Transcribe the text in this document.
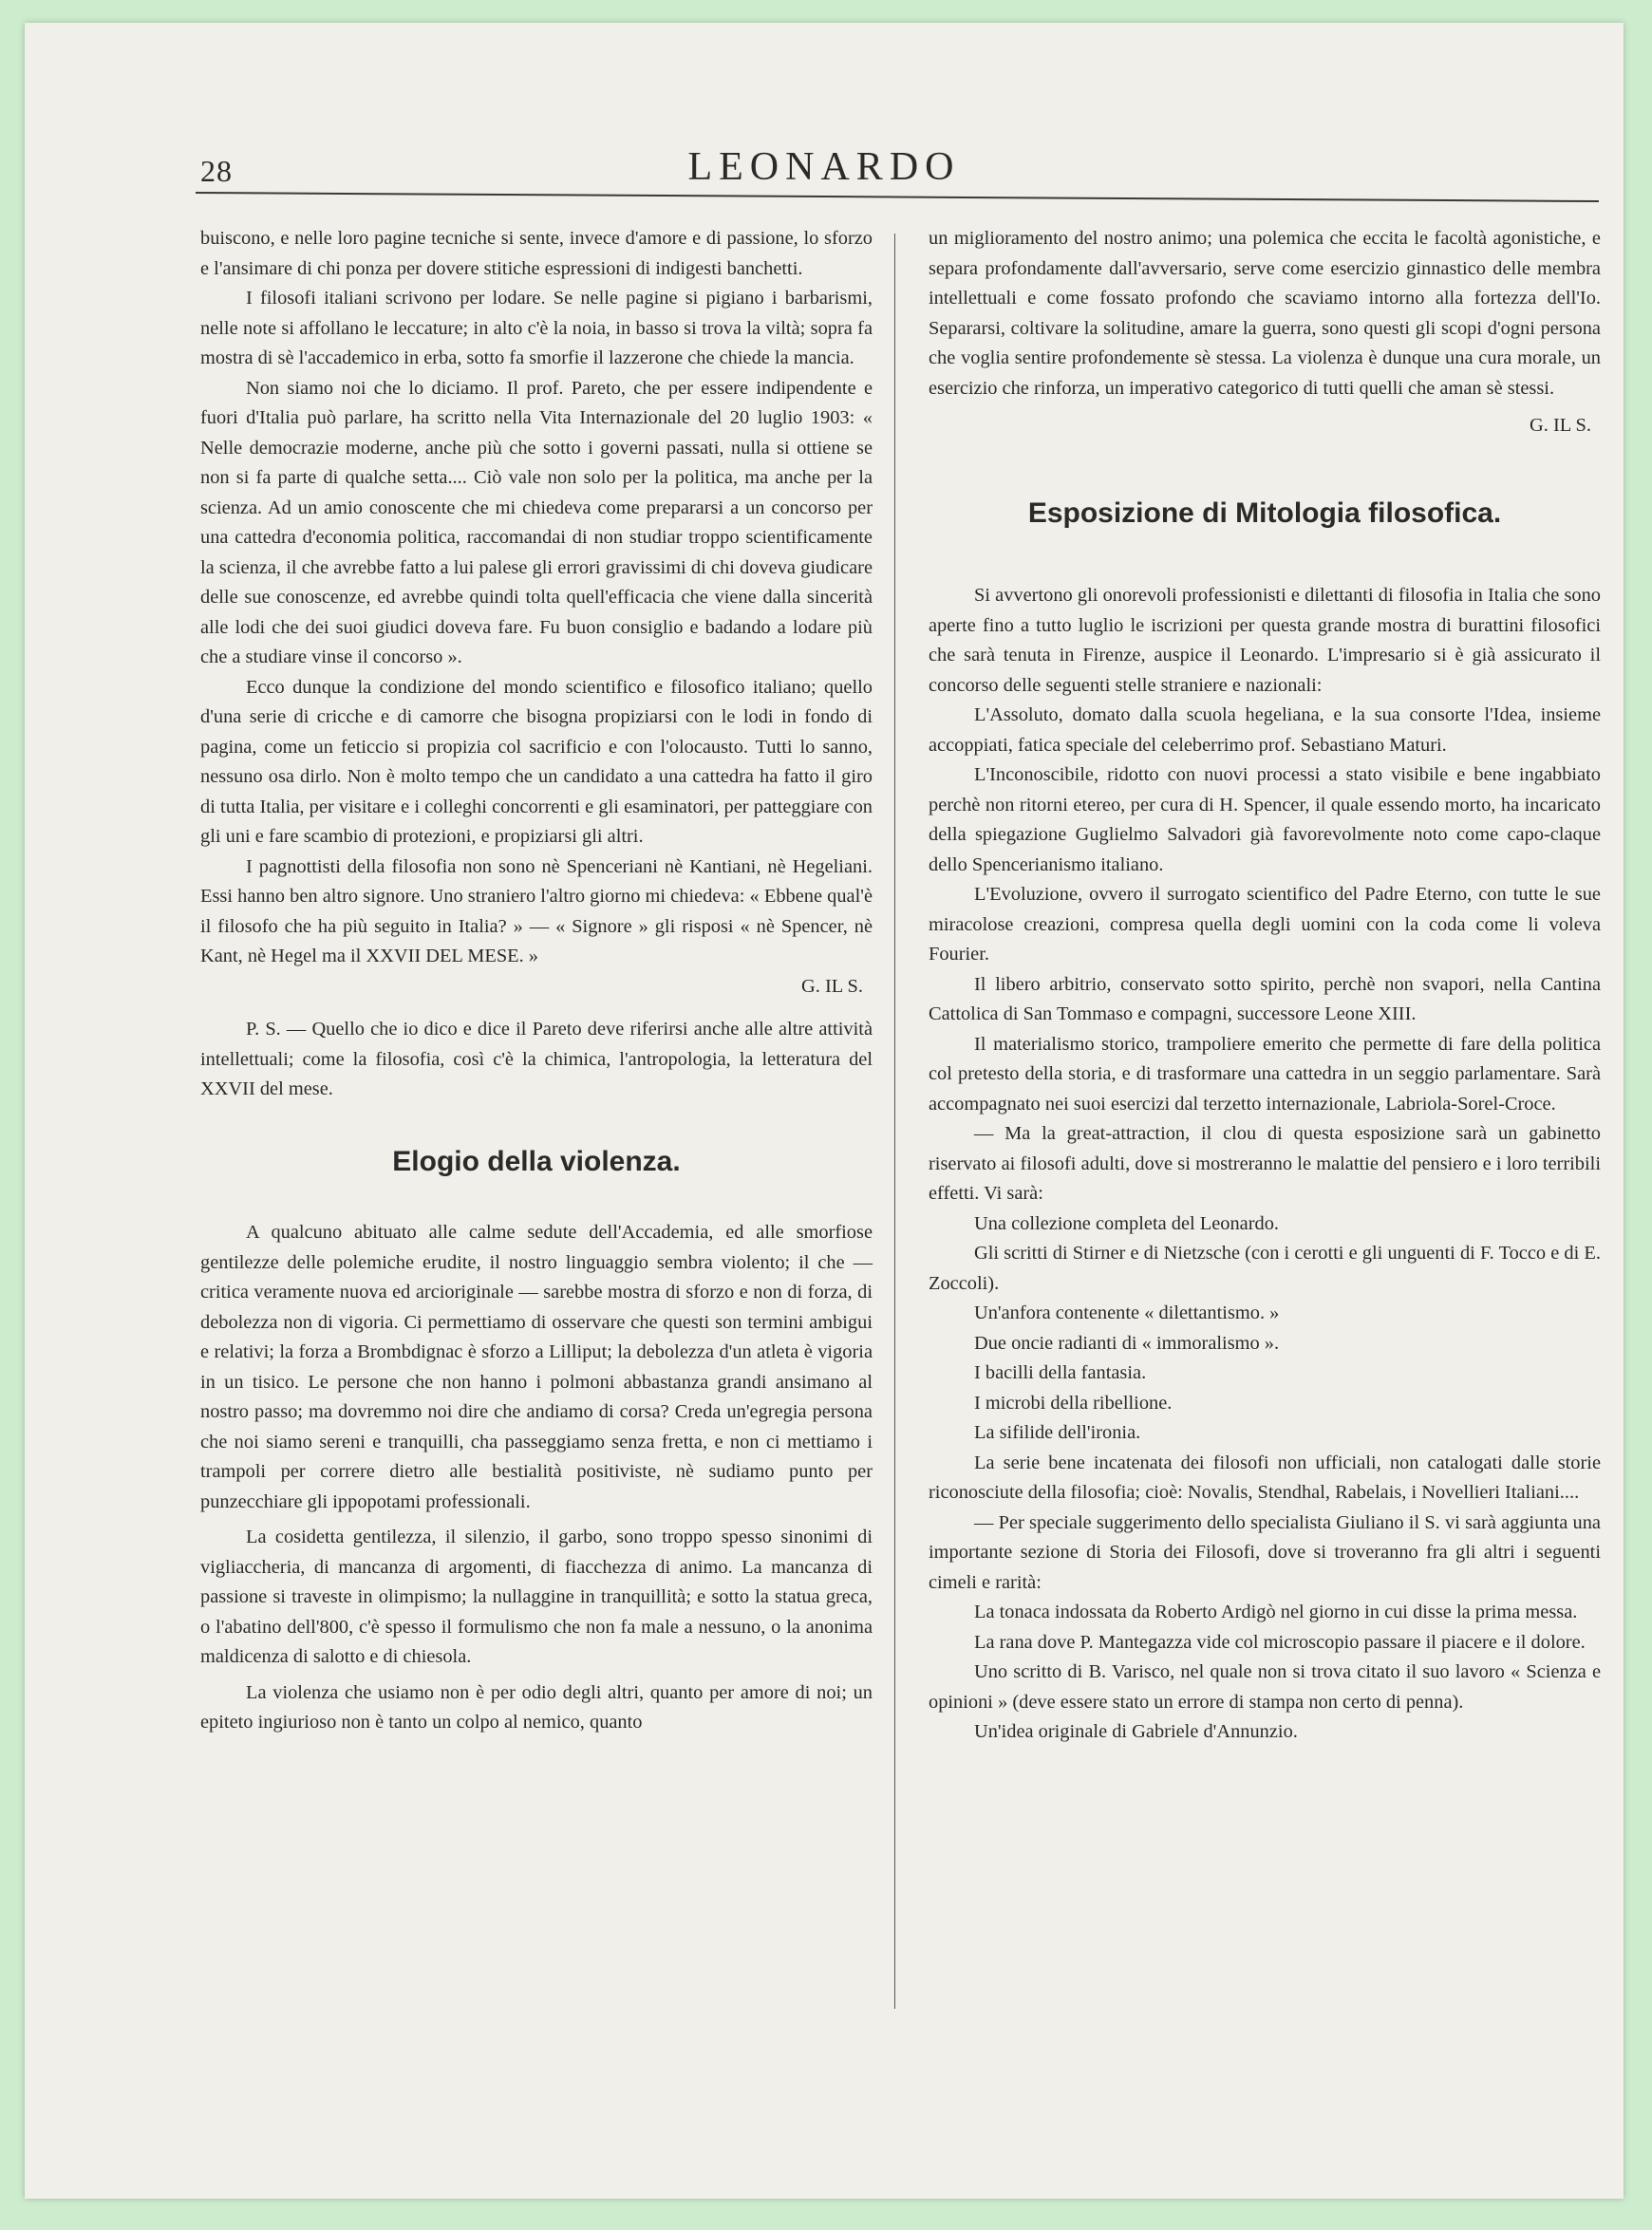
28	LEONARDO

buiscono, e nelle loro pagine tecniche si sente, invece d'amore e di passione, lo sforzo e l'ansimare di chi ponza per dovere stitiche espressioni di indigesti banchetti.

I filosofi italiani scrivono per lodare. Se nelle pagine si pigiano i barbarismi, nelle note si affollano le leccature; in alto c'è la noia, in basso si trova la viltà; sopra fa mostra di sè l'accademico in erba, sotto fa smorfie il lazzerone che chiede la mancia.

Non siamo noi che lo diciamo. Il prof. Pareto, che per essere indipendente e fuori d'Italia può parlare, ha scritto nella Vita Internazionale del 20 luglio 1903: « Nelle democrazie moderne, anche più che sotto i governi passati, nulla si ottiene se non si fa parte di qualche setta.... Ciò vale non solo per la politica, ma anche per la scienza. Ad un amio conoscente che mi chiedeva come prepararsi a un concorso per una cattedra d'economia politica, raccomandai di non studiar troppo scientificamente la scienza, il che avrebbe fatto a lui palese gli errori gravissimi di chi doveva giudicare delle sue conoscenze, ed avrebbe quindi tolta quell'efficacia che viene dalla sincerità alle lodi che dei suoi giudici doveva fare. Fu buon consiglio e badando a lodare più che a studiare vinse il concorso ».

Ecco dunque la condizione del mondo scientifico e filosofico italiano; quello d'una serie di cricche e di camorre che bisogna propiziarsi con le lodi in fondo di pagina, come un feticcio si propizia col sacrificio e con l'olocausto. Tutti lo sanno, nessuno osa dirlo. Non è molto tempo che un candidato a una cattedra ha fatto il giro di tutta Italia, per visitare e i colleghi concorrenti e gli esaminatori, per patteggiare con gli uni e fare scambio di protezioni, e propiziarsi gli altri.

I pagnottisti della filosofia non sono nè Spenceriani nè Kantiani, nè Hegeliani. Essi hanno ben altro signore. Uno straniero l'altro giorno mi chiedeva: « Ebbene qual'è il filosofo che ha più seguito in Italia? » — « Signore » gli risposi « nè Spencer, nè Kant, nè Hegel ma il XXVII DEL MESE. »

G. IL S.

P. S. — Quello che io dico e dice il Pareto deve riferirsi anche alle altre attività intellettuali; come la filosofia, così c'è la chimica, l'antropologia, la letteratura del XXVII del mese.

Elogio della violenza.

A qualcuno abituato alle calme sedute dell'Accademia, ed alle smorfiose gentilezze delle polemiche erudite, il nostro linguaggio sembra violento; il che — critica veramente nuova ed arcioriginale — sarebbe mostra di sforzo e non di forza, di debolezza non di vigoria. Ci permettiamo di osservare che questi son termini ambigui e relativi; la forza a Brombdignac è sforzo a Lilliput; la debolezza d'un atleta è vigoria in un tisico. Le persone che non hanno i polmoni abbastanza grandi ansimano al nostro passo; ma dovremmo noi dire che andiamo di corsa? Creda un'egregia persona che noi siamo sereni e tranquilli, cha passeggiamo senza fretta, e non ci mettiamo i trampoli per correre dietro alle bestialità positiviste, nè sudiamo punto per punzecchiare gli ippopotami professionali.

La cosidetta gentilezza, il silenzio, il garbo, sono troppo spesso sinonimi di vigliaccheria, di mancanza di argomenti, di fiacchezza di animo. La mancanza di passione si traveste in olimpismo; la nullaggine in tranquillità; e sotto la statua greca, o l'abatino dell'800, c'è spesso il formulismo che non fa male a nessuno, o la anonima maldicenza di salotto e di chiesola.

La violenza che usiamo non è per odio degli altri, quanto per amore di noi; un epiteto ingiurioso non è tanto un colpo al nemico, quanto

un miglioramento del nostro animo; una polemica che eccita le facoltà agonistiche, e separa profondamente dall'avversario, serve come esercizio ginnastico delle membra intellettuali e come fossato profondo che scaviamo intorno alla fortezza dell'Io. Separarsi, coltivare la solitudine, amare la guerra, sono questi gli scopi d'ogni persona che voglia sentire profondemente sè stessa. La violenza è dunque una cura morale, un esercizio che rinforza, un imperativo categorico di tutti quelli che aman sè stessi.

G. IL S.
Esposizione di Mitologia filosofica.

Si avvertono gli onorevoli professionisti e dilettanti di filosofia in Italia che sono aperte fino a tutto luglio le iscrizioni per questa grande mostra di burattini filosofici che sarà tenuta in Firenze, auspice il Leonardo. L'impresario si è già assicurato il concorso delle seguenti stelle straniere e nazionali:

L'Assoluto, domato dalla scuola hegeliana, e la sua consorte l'Idea, insieme accoppiati, fatica speciale del celeberrimo prof. Sebastiano Maturi.

L'Inconoscibile, ridotto con nuovi processi a stato visibile e bene ingabbiato perchè non ritorni etereo, per cura di H. Spencer, il quale essendo morto, ha incaricato della spiegazione Guglielmo Salvadori già favorevolmente noto come capo-claque dello Spencerianismo italiano.

L'Evoluzione, ovvero il surrogato scientifico del Padre Eterno, con tutte le sue miracolose creazioni, compresa quella degli uomini con la coda come li voleva Fourier.

Il libero arbitrio, conservato sotto spirito, perchè non svapori, nella Cantina Cattolica di San Tommaso e compagni, successore Leone XIII.

Il materialismo storico, trampoliere emerito che permette di fare della politica col pretesto della storia, e di trasformare una cattedra in un seggio parlamentare. Sarà accompagnato nei suoi esercizi dal terzetto internazionale, Labriola-Sorel-Croce.

— Ma la great-attraction, il clou di questa esposizione sarà un gabinetto riservato ai filosofi adulti, dove si mostreranno le malattie del pensiero e i loro terribili effetti. Vi sarà:

Una collezione completa del Leonardo.

Gli scritti di Stirner e di Nietzsche (con i cerotti e gli unguenti di F. Tocco e di E. Zoccoli).

Un'anfora contenente « dilettantismo. »

Due oncie radianti di « immoralismo ».

I bacilli della fantasia.

I microbi della ribellione.

La sifilide dell'ironia.

La serie bene incatenata dei filosofi non ufficiali, non catalogati dalle storie riconosciute della filosofia; cioè: Novalis, Stendhal, Rabelais, i Novellieri Italiani....

— Per speciale suggerimento dello specialista Giuliano il S. vi sarà aggiunta una importante sezione di Storia dei Filosofi, dove si troveranno fra gli altri i seguenti cimeli e rarità:

La tonaca indossata da Roberto Ardigò nel giorno in cui disse la prima messa.

La rana dove P. Mantegazza vide col microscopio passare il piacere e il dolore.

Uno scritto di B. Varisco, nel quale non si trova citato il suo lavoro « Scienza e opinioni » (deve essere stato un errore di stampa non certo di penna).

Un'idea originale di Gabriele d'Annunzio.
